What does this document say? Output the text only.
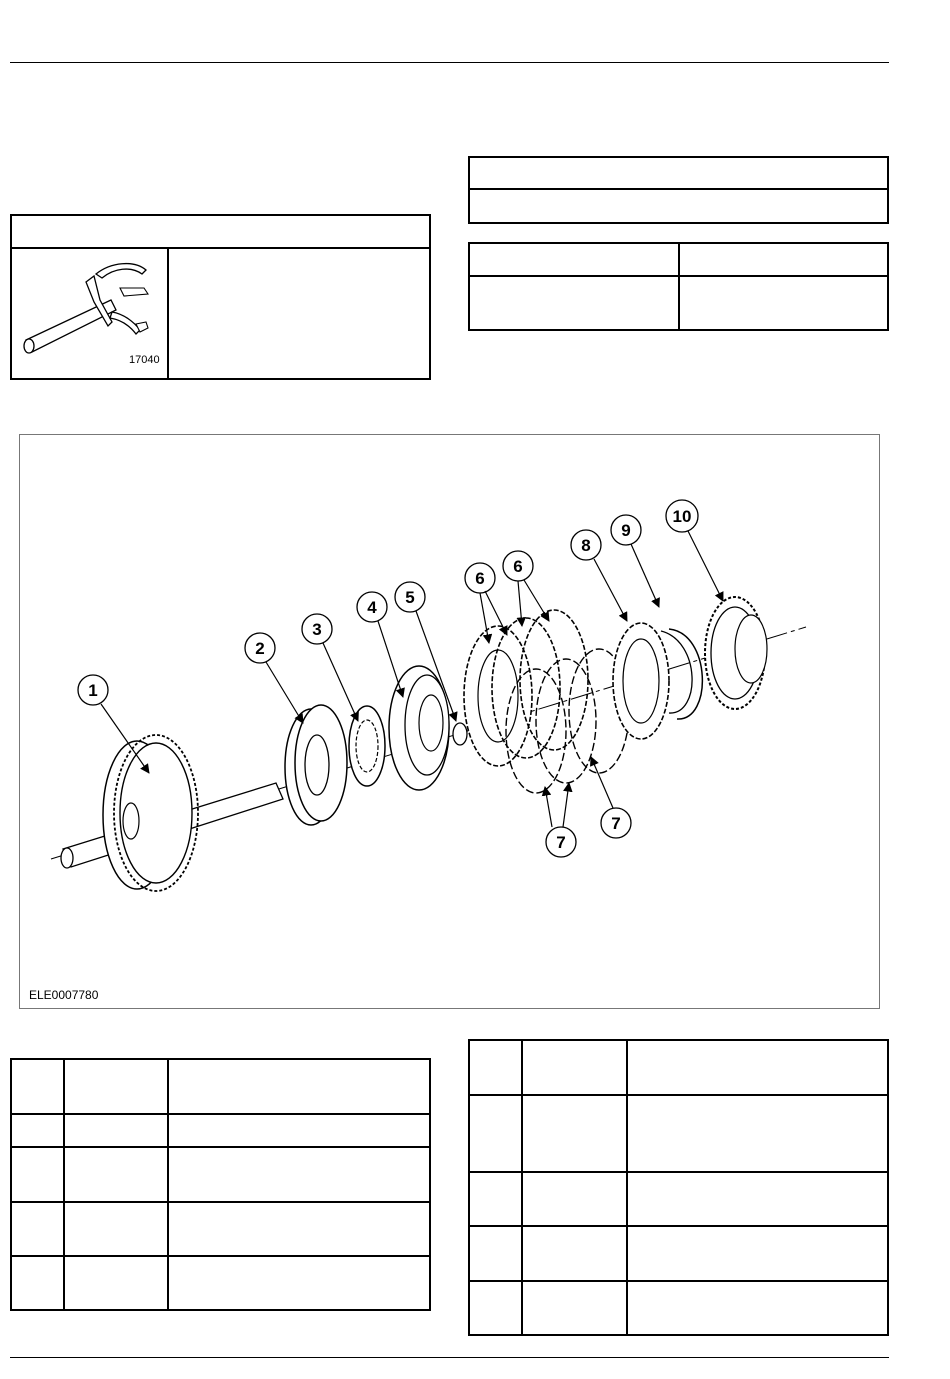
17040
1
2
3
4
5
6
6
7
7
8
9
10
ELE0007780
